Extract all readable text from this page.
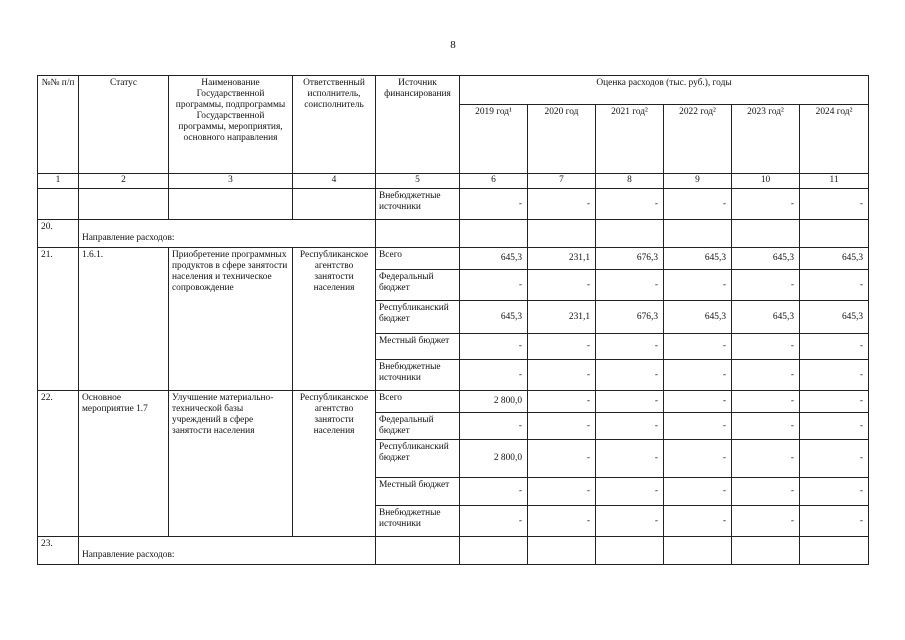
8
№№ п/п	Статус	Наименование Государственной программы, подпрограммы Государственной программы, мероприятия, основного направления	Ответственный исполнитель, соисполнитель	Источник финансирования	Оценка расходов (тыс. руб.), годы					
					2019 год¹	2020 год	2021 год²	2022 год²	2023 год²	2024 год²
1	2	3	4	5	6	7	8	9	10	11
				Внебюджетные источники	-	-	-	-	-	-
20.	Направление расходов:									
21.	1.6.1.	Приобретение программных продуктов в сфере занятости населения и техническое сопровождение	Республиканское агентство занятости населения	Всего	645,3	231,1	676,3	645,3	645,3	645,3
				Федеральный бюджет	-	-	-	-	-	-
				Республиканский бюджет	645,3	231,1	676,3	645,3	645,3	645,3
				Местный бюджет	-	-	-	-	-	-
				Внебюджетные источники	-	-	-	-	-	-
22.	Основное мероприятие 1.7	Улучшение материально-технической базы учреждений в сфере занятости населения	Республиканское агентство занятости населения	Всего	2 800,0	-	-	-	-	-
				Федеральный бюджет	-	-	-	-	-	-
				Республиканский бюджет	2 800,0	-	-	-	-	-
				Местный бюджет	-	-	-	-	-	-
				Внебюджетные источники	-	-	-	-	-	-
23.	Направление расходов:									
